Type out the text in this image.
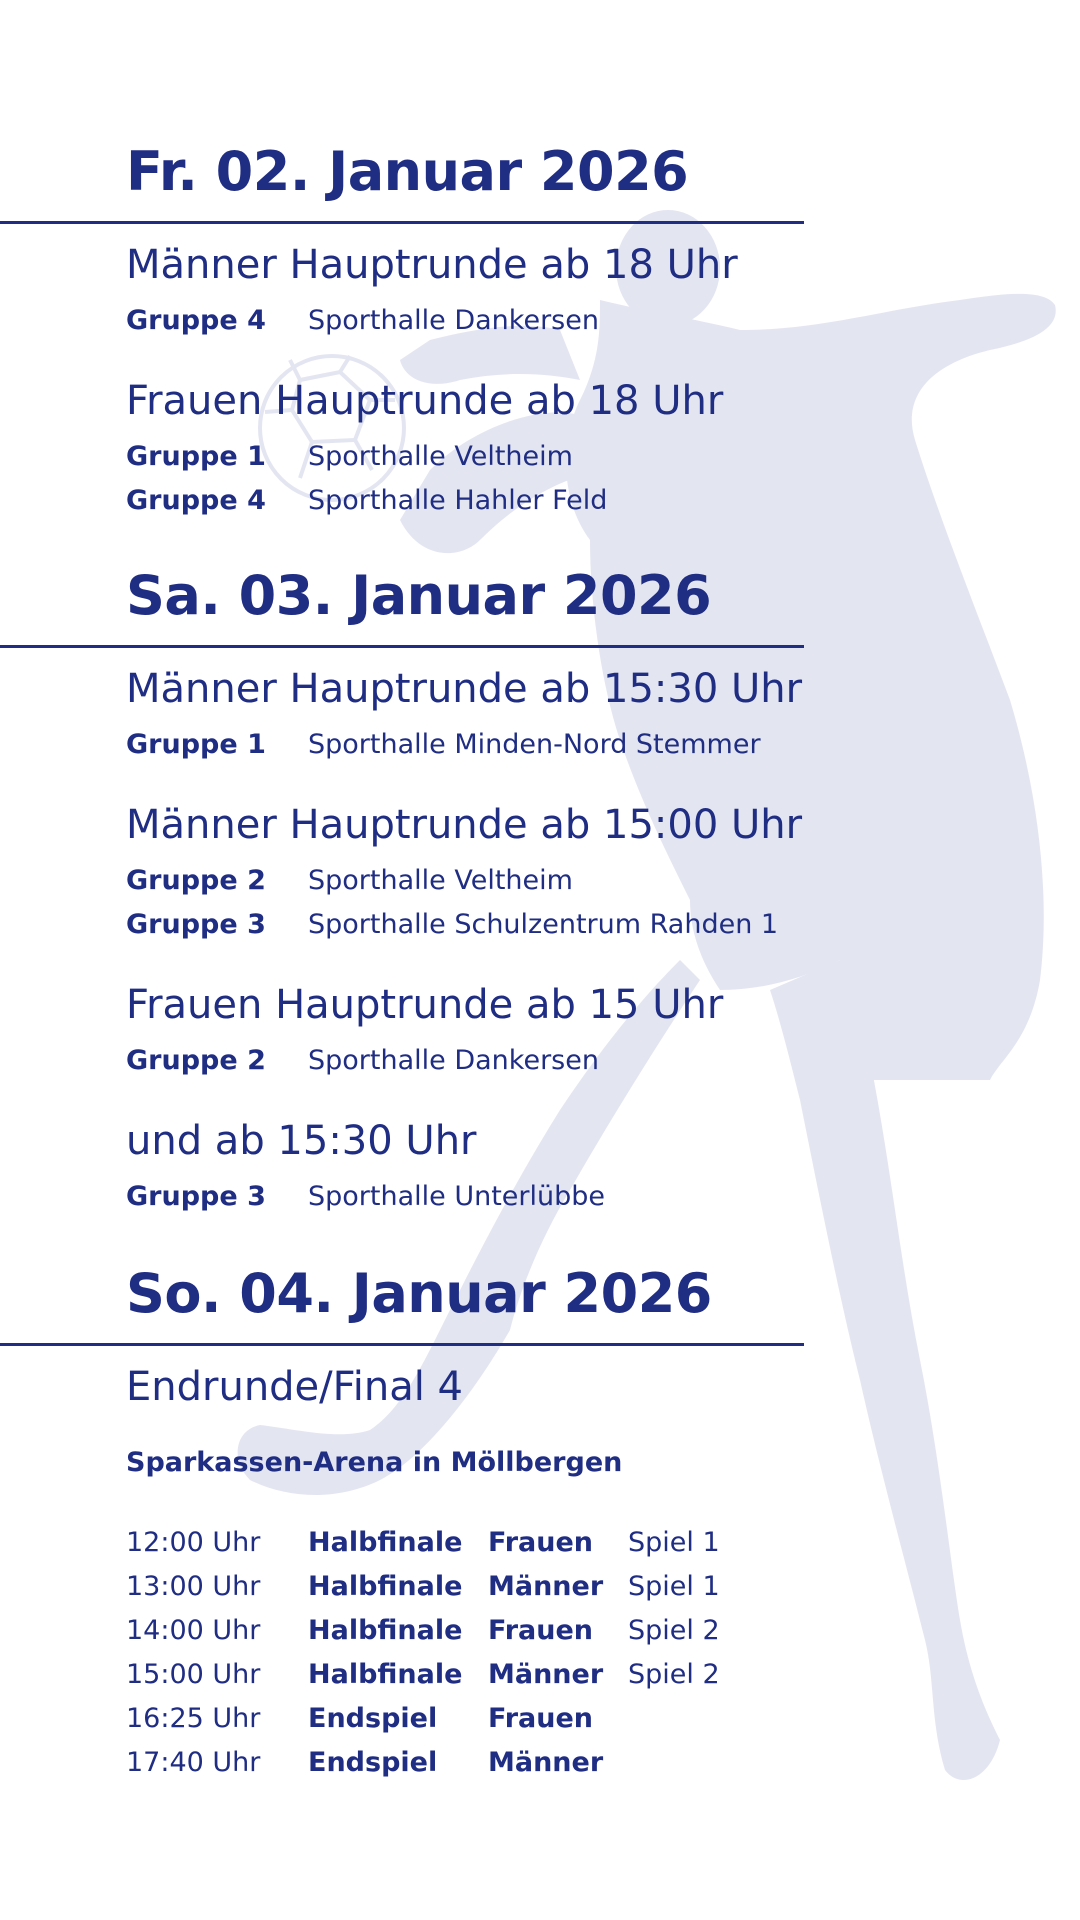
Fr. 02. Januar 2026
Männer Hauptrunde ab 18 Uhr
Gruppe 4 Sporthalle Dankersen
Frauen Hauptrunde ab 18 Uhr
Gruppe 1 Sporthalle Veltheim
Gruppe 4 Sporthalle Hahler Feld
Sa. 03. Januar 2026
Männer Hauptrunde ab 15:30 Uhr
Gruppe 1 Sporthalle Minden-Nord Stemmer
Männer Hauptrunde ab 15:00 Uhr
Gruppe 2 Sporthalle Veltheim
Gruppe 3 Sporthalle Schulzentrum Rahden 1
Frauen Hauptrunde ab 15 Uhr
Gruppe 2 Sporthalle Dankersen
und ab 15:30 Uhr
Gruppe 3 Sporthalle Unterlübbe
So. 04. Januar 2026
Endrunde/Final 4
Sparkassen-Arena in Möllbergen
12:00 Uhr Halbfinale Frauen Spiel 1
13:00 Uhr Halbfinale Männer Spiel 1
14:00 Uhr Halbfinale Frauen Spiel 2
15:00 Uhr Halbfinale Männer Spiel 2
16:25 Uhr Endspiel Frauen
17:40 Uhr Endspiel Männer
